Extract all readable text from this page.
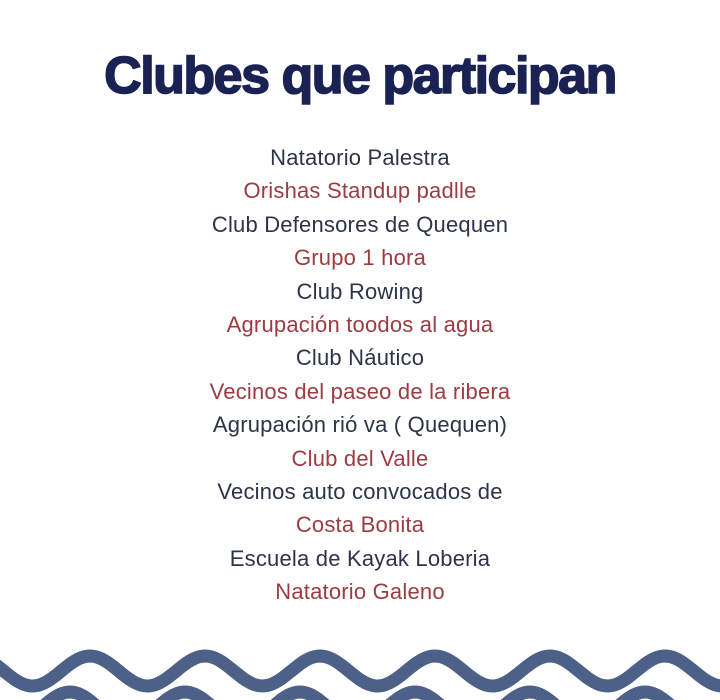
Clubes que participan
Natatorio Palestra
Orishas Standup padlle
Club Defensores de Quequen
Grupo 1 hora
Club Rowing
Agrupación toodos al agua
Club Náutico
Vecinos del paseo de la ribera
Agrupación rió va ( Quequen)
Club del Valle
Vecinos auto convocados de
Costa Bonita
Escuela de Kayak Loberia
Natatorio Galeno
